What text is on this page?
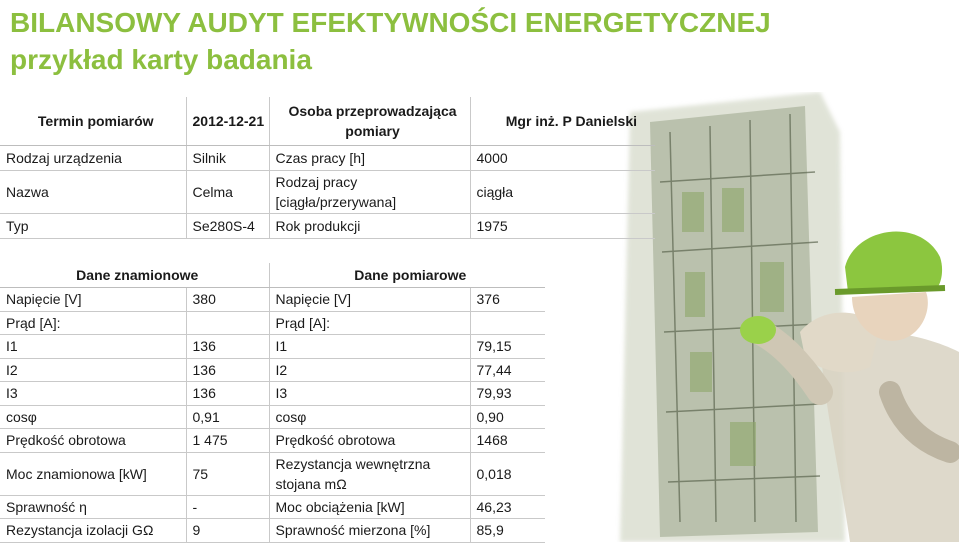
BILANSOWY AUDYT EFEKTYWNOŚCI ENERGETYCZNEJ
przykład karty badania
Termin pomiarów	2012-12-21	Osoba przeprowadzająca pomiary	Mgr inż. P Danielski
Rodzaj urządzenia	Silnik	Czas pracy [h]	4000
Nazwa	Celma	Rodzaj pracy [ciągła/przerywana]	ciągła
Typ	Se280S-4	Rok produkcji	1975
Dane znamionowe		Dane pomiarowe	
Napięcie [V]	380	Napięcie [V]	376
Prąd [A]:		Prąd [A]:	
I1	136	I1	79,15
I2	136	I2	77,44
I3	136	I3	79,93
cosφ	0,91	cosφ	0,90
Prędkość obrotowa	1 475	Prędkość obrotowa	1468
Moc znamionowa [kW]	75	Rezystancja wewnętrzna stojana mΩ	0,018
Sprawność η	-	Moc obciążenia [kW]	46,23
Rezystancja izolacji GΩ	9	Sprawność mierzona [%]	85,9
